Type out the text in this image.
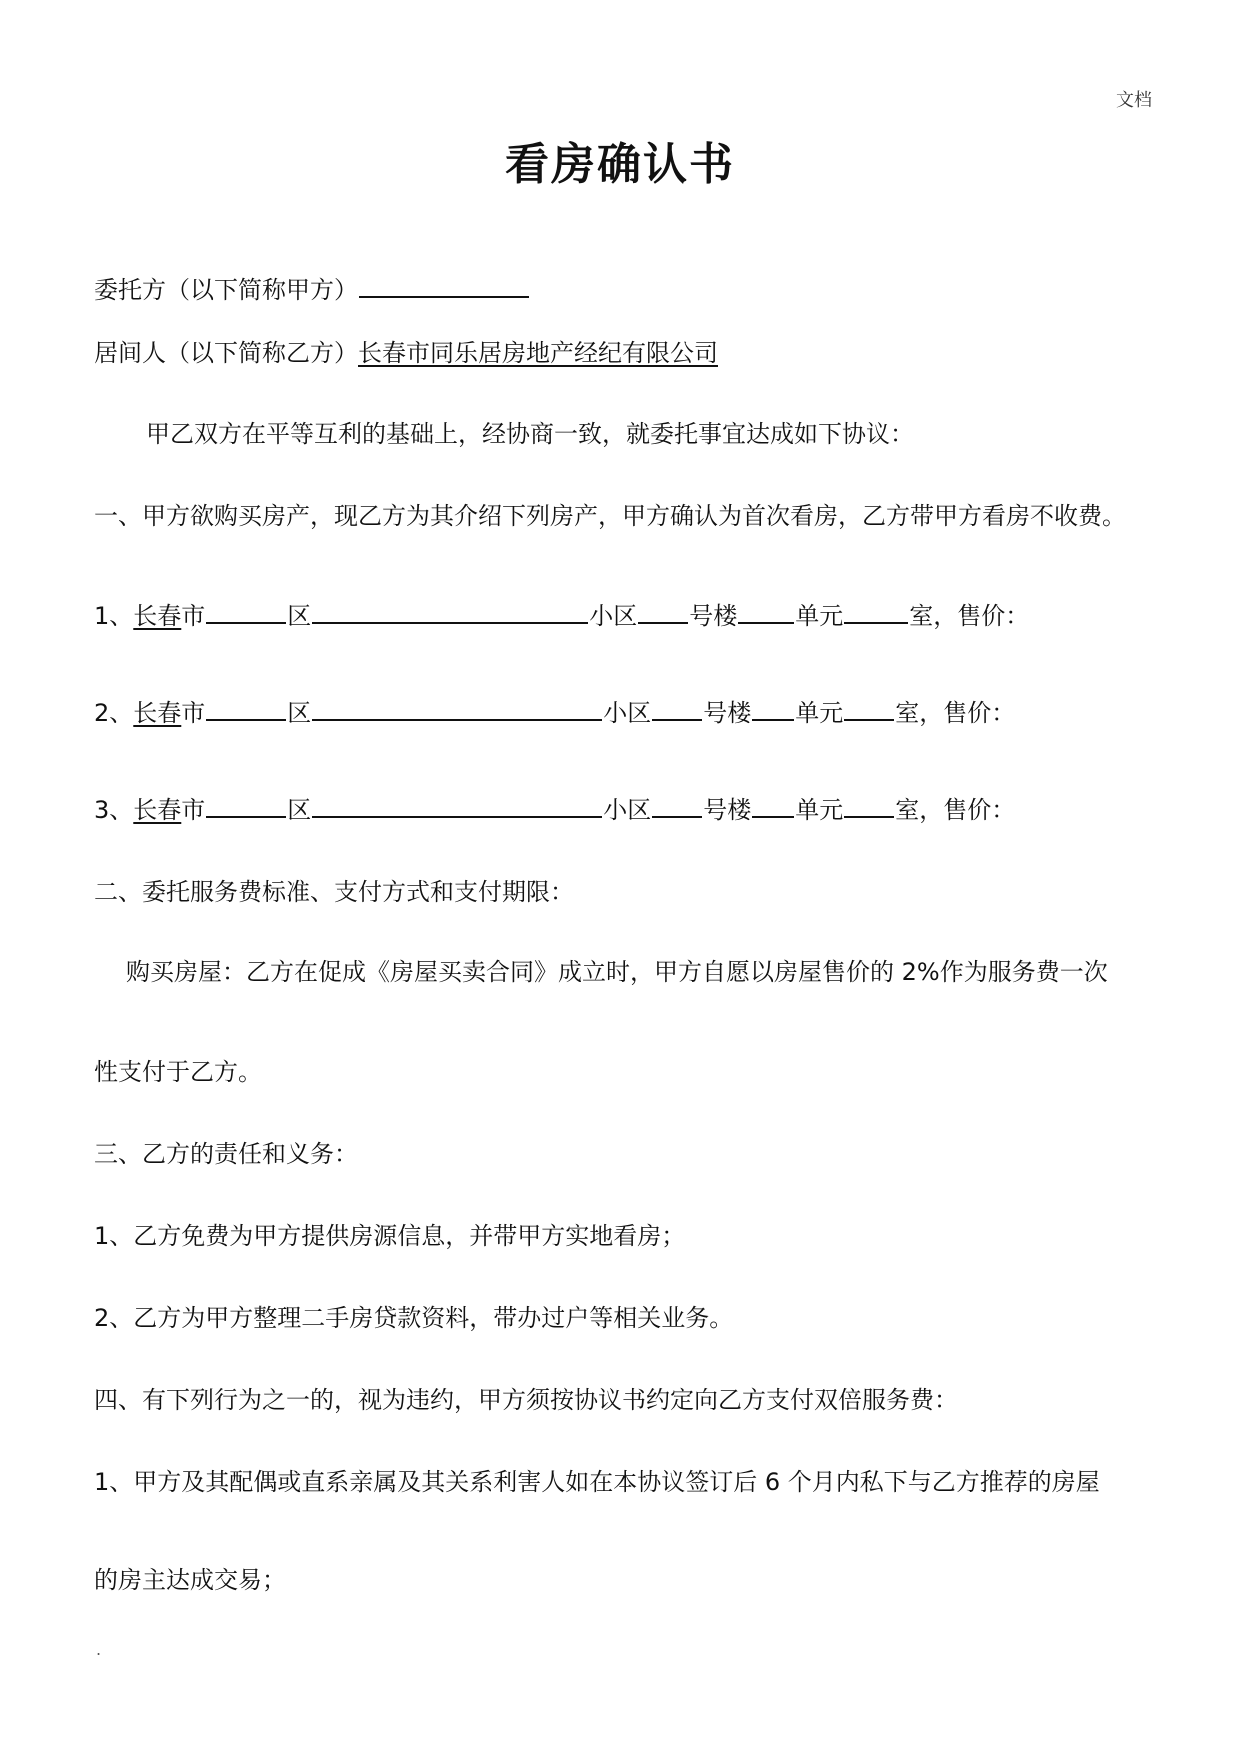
文档
看房确认书
委托方（以下简称甲方）
居间人（以下简称乙方）长春市同乐居房地产经纪有限公司
甲乙双方在平等互利的基础上，经协商一致，就委托事宜达成如下协议：
一、甲方欲购买房产，现乙方为其介绍下列房产，甲方确认为首次看房，乙方带甲方看房不收费。
1、长春市	区	小区 号楼 单元	室，售价：
2、长春市	区	小区 号楼 单元 室，售价：
3、长春市	区	小区 号楼 单元 室，售价：
二、委托服务费标准、支付方式和支付期限：
购买房屋：乙方在促成《房屋买卖合同》成立时，甲方自愿以房屋售价的 2%作为服务费一次
性支付于乙方。
三、乙方的责任和义务：
1、乙方免费为甲方提供房源信息，并带甲方实地看房；
2、乙方为甲方整理二手房贷款资料，带办过户等相关业务。
四、有下列行为之一的，视为违约，甲方须按协议书约定向乙方支付双倍服务费：
1、甲方及其配偶或直系亲属及其关系利害人如在本协议签订后 6 个月内私下与乙方推荐的房屋
的房主达成交易；
.
